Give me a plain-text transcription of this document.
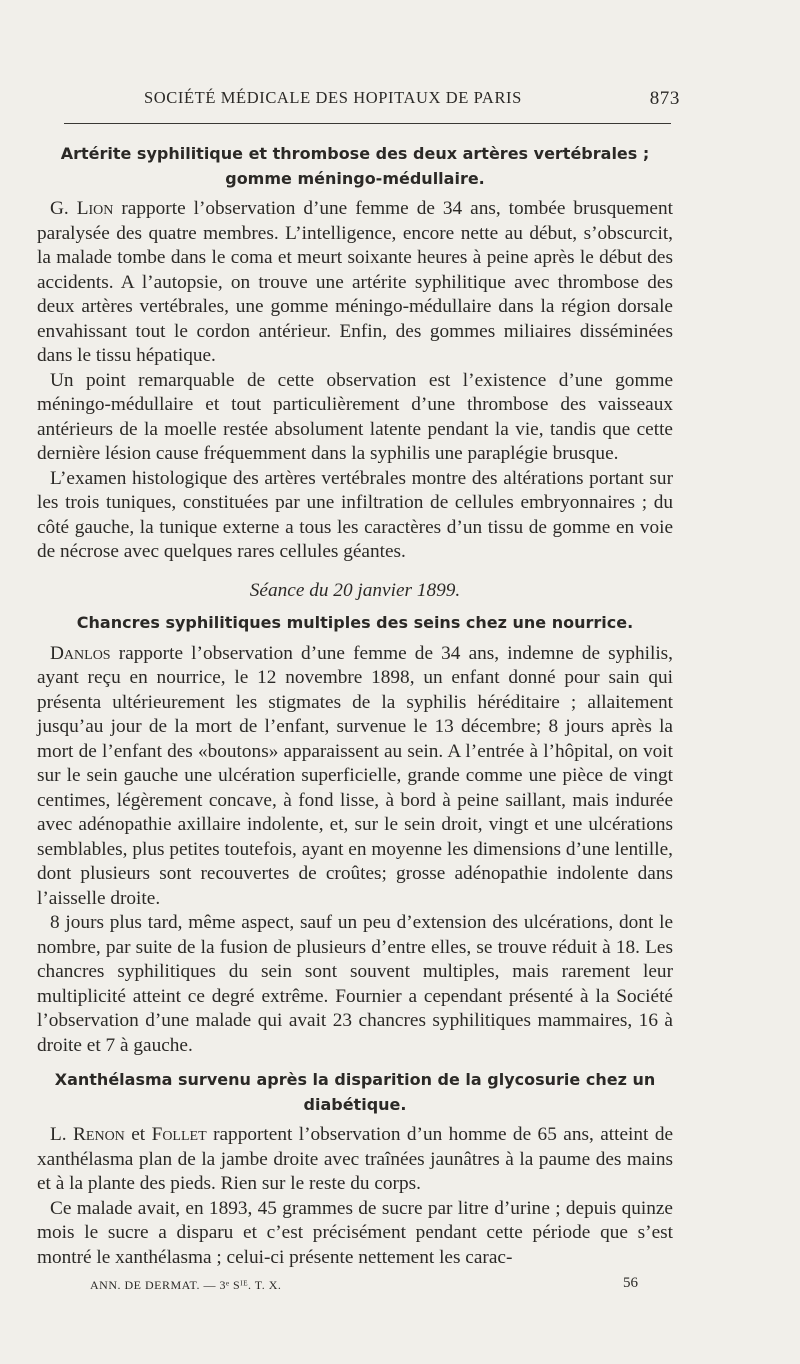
SOCIÉTÉ MÉDICALE DES HOPITAUX DE PARIS	873
Artérite syphilitique et thrombose des deux artères vertébrales ; gomme méningo-médullaire.

G. Lion rapporte l’observation d’une femme de 34 ans, tombée brusquement paralysée des quatre membres. L’intelligence, encore nette au début, s’obscurcit, la malade tombe dans le coma et meurt soixante heures à peine après le début des accidents. A l’autopsie, on trouve une artérite syphilitique avec thrombose des deux artères vertébrales, une gomme méningo-médullaire dans la région dorsale envahissant tout le cordon antérieur. Enfin, des gommes miliaires disséminées dans le tissu hépatique.

Un point remarquable de cette observation est l’existence d’une gomme méningo-médullaire et tout particulièrement d’une thrombose des vaisseaux antérieurs de la moelle restée absolument latente pendant la vie, tandis que cette dernière lésion cause fréquemment dans la syphilis une paraplégie brusque.

L’examen histologique des artères vertébrales montre des altérations portant sur les trois tuniques, constituées par une infiltration de cellules embryonnaires ; du côté gauche, la tunique externe a tous les caractères d’un tissu de gomme en voie de nécrose avec quelques rares cellules géantes.

Séance du 20 janvier 1899.
Chancres syphilitiques multiples des seins chez une nourrice.

Danlos rapporte l’observation d’une femme de 34 ans, indemne de syphilis, ayant reçu en nourrice, le 12 novembre 1898, un enfant donné pour sain qui présenta ultérieurement les stigmates de la syphilis héréditaire ; allaitement jusqu’au jour de la mort de l’enfant, survenue le 13 décembre; 8 jours après la mort de l’enfant des «boutons» apparaissent au sein. A l’entrée à l’hôpital, on voit sur le sein gauche une ulcération superficielle, grande comme une pièce de vingt centimes, légèrement concave, à fond lisse, à bord à peine saillant, mais indurée avec adénopathie axillaire indolente, et, sur le sein droit, vingt et une ulcérations semblables, plus petites toutefois, ayant en moyenne les dimensions d’une lentille, dont plusieurs sont recouvertes de croûtes; grosse adénopathie indolente dans l’aisselle droite.

8 jours plus tard, même aspect, sauf un peu d’extension des ulcérations, dont le nombre, par suite de la fusion de plusieurs d’entre elles, se trouve réduit à 18. Les chancres syphilitiques du sein sont souvent multiples, mais rarement leur multiplicité atteint ce degré extrême. Fournier a cependant présenté à la Société l’observation d’une malade qui avait 23 chancres syphilitiques mammaires, 16 à droite et 7 à gauche.

Xanthélasma survenu après la disparition de la glycosurie chez un diabétique.

L. Renon et Follet rapportent l’observation d’un homme de 65 ans, atteint de xanthélasma plan de la jambe droite avec traînées jaunâtres à la paume des mains et à la plante des pieds. Rien sur le reste du corps.

Ce malade avait, en 1893, 45 grammes de sucre par litre d’urine ; depuis quinze mois le sucre a disparu et c’est précisément pendant cette période que s’est montré le xanthélasma ; celui-ci présente nettement les carac-

ANN. DE DERMAT. — 3ᵉ Sᴵᴱ. T. X.	56
